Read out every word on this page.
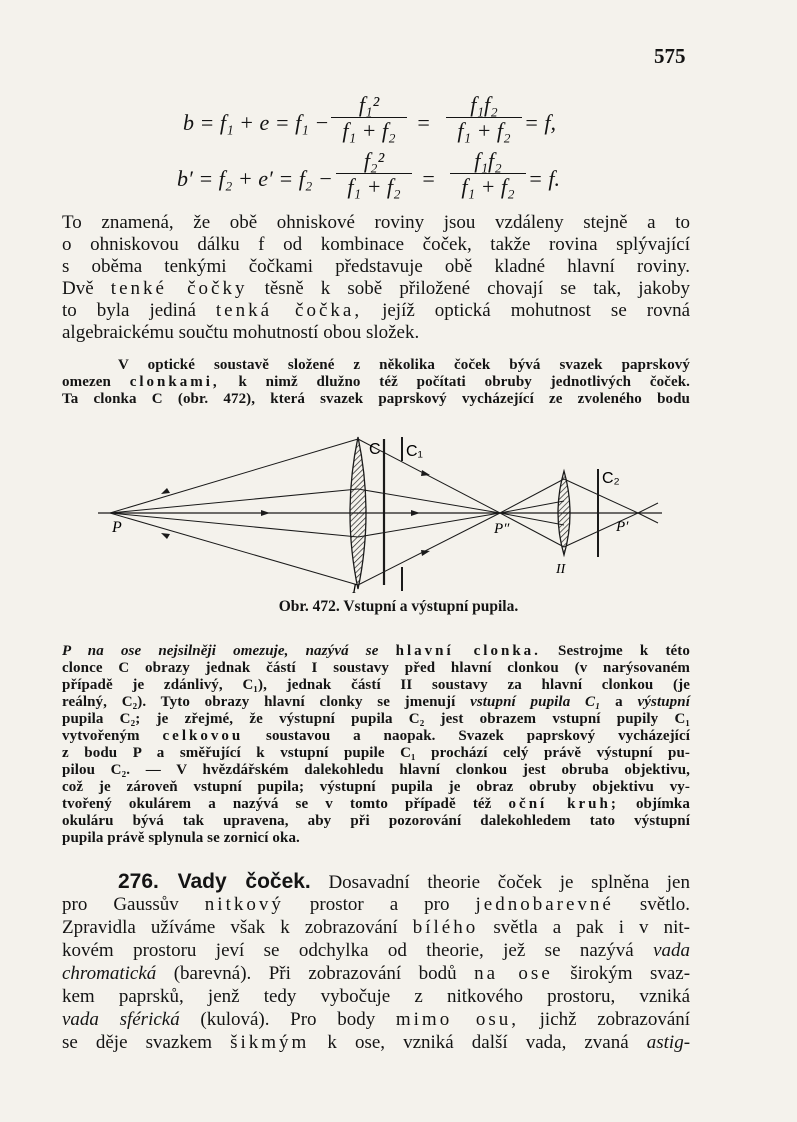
575
b = f₁ + e = f₁ −
f₁²
f₁ + f₂ =
f₁f₂
f₁ + f₂ = f,
b′ = f₂ + e′ = f₂ −
f₂²
f₁ + f₂ =
f₁f₂
f₁ + f₂ = f.
To znamená, že obě ohniskové roviny jsou vzdáleny stejně a to
o ohniskovou dálku f od kombinace čoček, takže rovina splývající
s oběma tenkými čočkami představuje obě kladné hlavní roviny.
Dvě tenké čočky těsně k sobě přiložené chovají se tak, jakoby
to byla jediná tenká čočka, jejíž optická mohutnost se rovná
algebraickému součtu mohutností obou složek.
V optické soustavě složené z několika čoček bývá svazek paprskový
omezen clonkami, k nimž dlužno též počítati obruby jednotlivých čoček.
Ta clonka C (obr. 472), která svazek paprskový vycházející ze zvoleného bodu
P	P″	P′
C C₁
C₂
I
II
Obr. 472. Vstupní a výstupní pupila.
P na ose nejsilněji omezuje, nazývá se hlavní clonka. Sestrojme k této
clonce C obrazy jednak částí I soustavy před hlavní clonkou (v narýsovaném
případě je zdánlivý, C₁), jednak částí II soustavy za hlavní clonkou (je
reálný, C₂). Tyto obrazy hlavní clonky se jmenují vstupní pupila C₁ a výstupní
pupila C₂; je zřejmé, že výstupní pupila C₂ jest obrazem vstupní pupily C₁
vytvořeným celkovou soustavou a naopak. Svazek paprskový vycházející
z bodu P a směřující k vstupní pupile C₁ prochází celý právě výstupní pu-
pilou C₂. — V hvězdářském dalekohledu hlavní clonkou jest obruba objektivu,
což je zároveň vstupní pupila; výstupní pupila je obraz obruby objektivu vy-
tvořený okulárem a nazývá se v tomto případě též oční kruh; objímka
okuláru bývá tak upravena, aby při pozorování dalekohledem tato výstupní
pupila právě splynula se zornicí oka.
276. Vady čoček. Dosavadní theorie čoček je splněna jen
pro Gaussův nitkový prostor a pro jednobarevné světlo.
Zpravidla užíváme však k zobrazování bílého světla a pak i v nit-
kovém prostoru jeví se odchylka od theorie, jež se nazývá vada
chromatická (barevná). Při zobrazování bodů na ose širokým svaz-
kem paprsků, jenž tedy vybočuje z nitkového prostoru, vzniká
vada sférická (kulová). Pro body mimo osu, jichž zobrazování
se děje svazkem šikmým k ose, vzniká další vada, zvaná astig-
